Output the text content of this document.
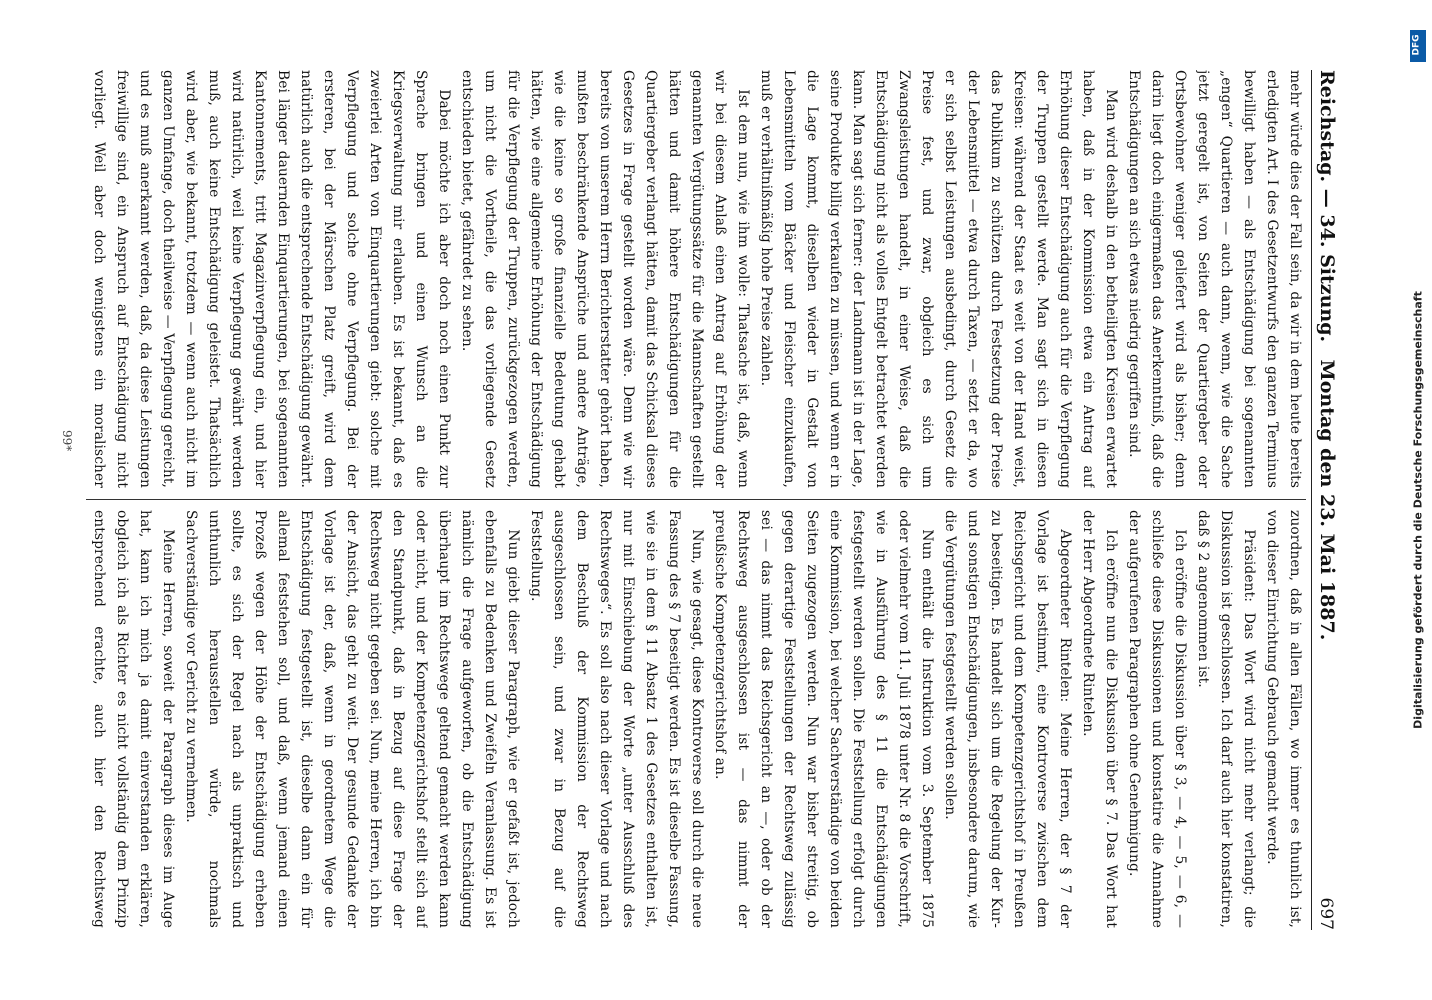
Reichstag. — 34. Sitzung.
697
Montag den 23. Mai 1887.

mehr würde dies der Fall sein, da wir in dem heute bereits erledigten Art. I des Gesetzentwurfs den ganzen Terminus bewilligt haben — als Entschädigung bei sogenannten „engen“ Quartieren — auch dann, wenn, wie die Sache jetzt geregelt ist, von Seiten der Quartiergeber oder Ortsbewohner weniger geliefert wird als bisher; denn darin liegt doch einigermaßen das Anerkenntniß, daß die Entschädigungen an sich etwas niedrig gegriffen sind.

Man wird deshalb in den betheiligten Kreisen erwartet haben, daß in der Kommission etwa ein Antrag auf Erhöhung dieser Entschädigung auch für die Verpflegung der Truppen gestellt werde. Man sagt sich in diesen Kreisen: während der Staat es weit von der Hand weist, das Publikum zu schützen durch Festsetzung der Preise der Lebensmittel — etwa durch Taxen, — setzt er da, wo er sich selbst Leistungen ausbedingt, durch Gesetz die Preise fest, und zwar, obgleich es sich um Zwangsleistungen handelt, in einer Weise, daß die Entschädigung nicht als volles Entgelt betrachtet werden kann. Man sagt sich ferner: der Landmann ist in der Lage, seine Produkte billig verkaufen zu müssen, und wenn er in die Lage kommt, dieselben wieder in Gestalt von Lebensmitteln vom Bäcker und Fleischer einzukaufen, muß er verhältnißmäßig hohe Preise zahlen.

Ist dem nun, wie ihm wolle: Thatsache ist, daß, wenn wir bei diesem Anlaß einen Antrag auf Erhöhung der genannten Vergütungssätze für die Mannschaften gestellt hätten und damit höhere Entschädigungen für die Quartiergeber verlangt hätten, damit das Schicksal dieses Gesetzes in Frage gestellt worden wäre. Denn wie wir bereits von unserem Herrn Berichterstatter gehört haben, mußten beschränkende Ansprüche und andere Anträge, wie die keine so große finanzielle Bedeutung gehabt hätten, wie eine allgemeine Erhöhung der Entschädigung für die Verpflegung der Truppen, zurückgezogen werden, um nicht die Vortheile, die das vorliegende Gesetz entschieden bietet, gefährdet zu sehen.

Dabei möchte ich aber doch noch einen Punkt zur Sprache bringen und einen Wunsch an die Kriegsverwaltung mir erlauben. Es ist bekannt, daß es zweierlei Arten von Einquartierungen giebt: solche mit Verpflegung und solche ohne Verpflegung. Bei der ersteren, bei der Märschen Platz greift, wird dem natürlich auch die entsprechende Entschädigung gewährt. Bei länger dauernden Einquartierungen, bei sogenannten Kantonnements, tritt Magazinverpflegung ein, und hier wird natürlich, weil keine Verpflegung gewährt werden muß, auch keine Entschädigung geleistet. Thatsächlich wird aber, wie bekannt, trotzdem — wenn auch nicht im ganzen Umfange, doch theilweise — Verpflegung gereicht, und es muß anerkannt werden, daß, da diese Leistungen freiwillige sind, ein Anspruch auf Entschädigung nicht vorliegt. Weil aber doch wenigstens ein moralischer

zuordnen, daß in allen Fällen, wo immer es thunlich ist, von dieser Einrichtung Gebrauch gemacht werde.

Präsident: Das Wort wird nicht mehr verlangt; die Diskussion ist geschlossen. Ich darf auch hier konstatiren, daß § 2 angenommen ist.

Ich eröffne die Diskussion über § 3, — 4, — 5, — 6, — schließe diese Diskussionen und konstatire die Annahme der aufgerufenen Paragraphen ohne Genehmigung.

Ich eröffne nun die Diskussion über § 7. Das Wort hat der Herr Abgeordnete Rintelen.

Abgeordneter Rintelen: Meine Herren, der § 7 der Vorlage ist bestimmt, eine Kontroverse zwischen dem Reichsgericht und dem Kompetenzgerichtshof in Preußen zu beseitigen. Es handelt sich um die Regelung der Kur- und sonstigen Entschädigungen, insbesondere darum, wie die Vergütungen festgestellt werden sollen.

Nun enthält die Instruktion vom 3. September 1875 oder vielmehr vom 11. Juli 1878 unter Nr. 8 die Vorschrift, wie in Ausführung des § 11 die Entschädigungen festgestellt werden sollen. Die Feststellung erfolgt durch eine Kommission, bei welcher Sachverständige von beiden Seiten zugezogen werden. Nun war bisher streitig, ob gegen derartige Feststellungen der Rechtsweg zulässig sei — das nimmt das Reichsgericht an —, oder ob der Rechtsweg ausgeschlossen ist — das nimmt der preußische Kompetenzgerichtshof an.

Nun, wie gesagt, diese Kontroverse soll durch die neue Fassung des § 7 beseitigt werden. Es ist dieselbe Fassung, wie sie in dem § 11 Absatz 1 des Gesetzes enthalten ist, nur mit Einschiebung der Worte „unter Ausschluß des Rechtsweges“. Es soll also nach dieser Vorlage und nach dem Beschluß der Kommission der Rechtsweg ausgeschlossen sein, und zwar in Bezug auf die Feststellung.

Nun giebt dieser Paragraph, wie er gefaßt ist, jedoch ebenfalls zu Bedenken und Zweifeln Veranlassung. Es ist nämlich die Frage aufgeworfen, ob die Entschädigung überhaupt im Rechtswege geltend gemacht werden kann oder nicht, und der Kompetenzgerichtshof stellt sich auf den Standpunkt, daß in Bezug auf diese Frage der Rechtsweg nicht gegeben sei. Nun, meine Herren, ich bin der Ansicht, das geht zu weit. Der gesunde Gedanke der Vorlage ist der, daß, wenn in geordnetem Wege die Entschädigung festgestellt ist, dieselbe dann ein für allemal feststehen soll, und daß, wenn jemand einen Prozeß wegen der Höhe der Entschädigung erheben sollte, es sich der Regel nach als unpraktisch und unthunlich herausstellen würde, nochmals Sachverständige vor Gericht zu vernehmen.

Meine Herren, soweit der Paragraph dieses im Auge hat, kann ich mich ja damit einverstanden erklären, obgleich ich als Richter es nicht vollständig dem Prinzip entsprechend erachte, auch hier den Rechtsweg

99*
DFG
Digitalisierung gefördert durch die Deutsche Forschungsgemeinschaft
